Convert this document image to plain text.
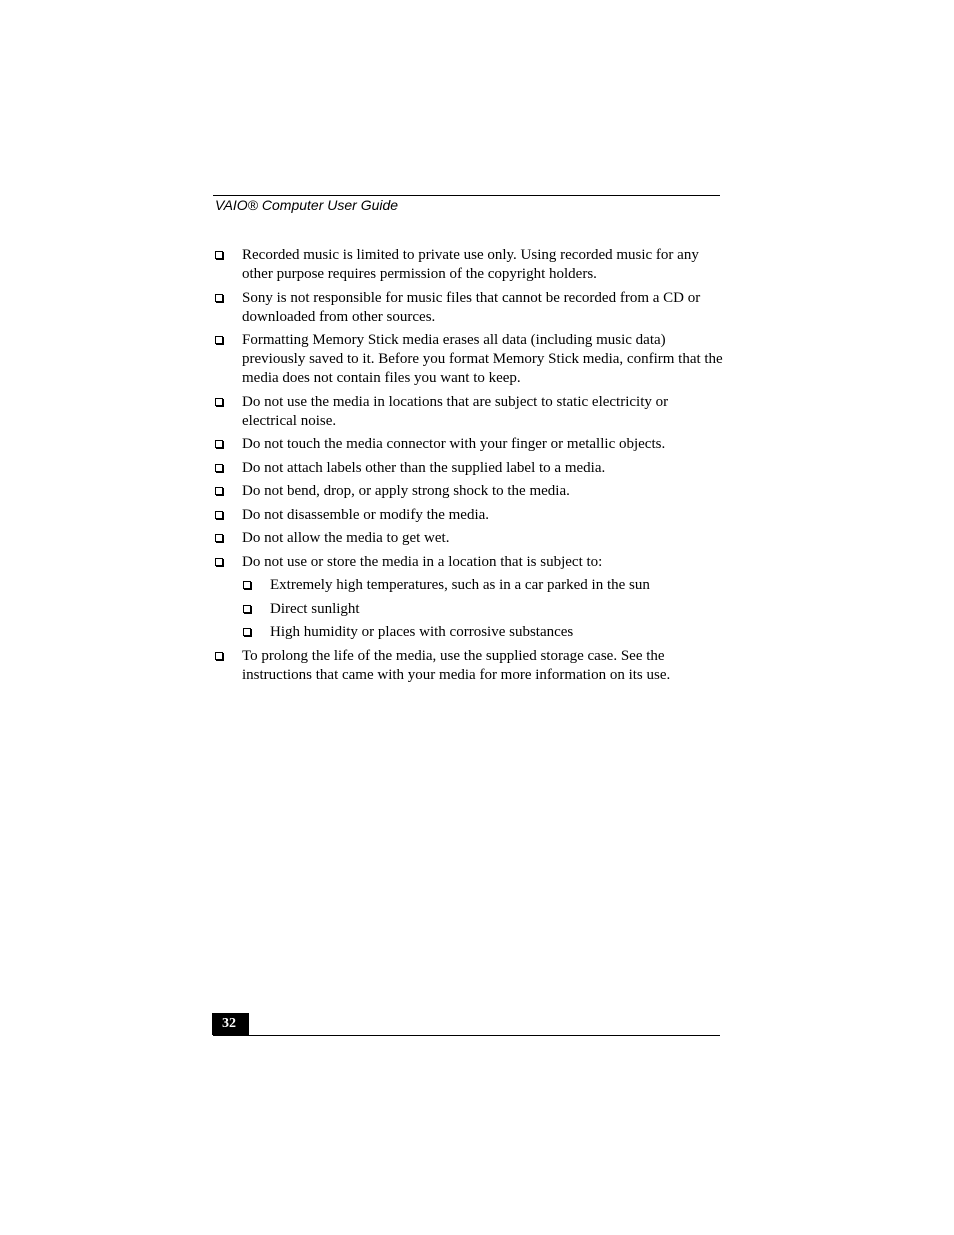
VAIO® Computer User Guide
Recorded music is limited to private use only. Using recorded music for any other purpose requires permission of the copyright holders.
Sony is not responsible for music files that cannot be recorded from a CD or downloaded from other sources.
Formatting Memory Stick media erases all data (including music data) previously saved to it. Before you format Memory Stick media, confirm that the media does not contain files you want to keep.
Do not use the media in locations that are subject to static electricity or electrical noise.
Do not touch the media connector with your finger or metallic objects.
Do not attach labels other than the supplied label to a media.
Do not bend, drop, or apply strong shock to the media.
Do not disassemble or modify the media.
Do not allow the media to get wet.
Do not use or store the media in a location that is subject to:
Extremely high temperatures, such as in a car parked in the sun
Direct sunlight
High humidity or places with corrosive substances
To prolong the life of the media, use the supplied storage case. See the instructions that came with your media for more information on its use.
32
